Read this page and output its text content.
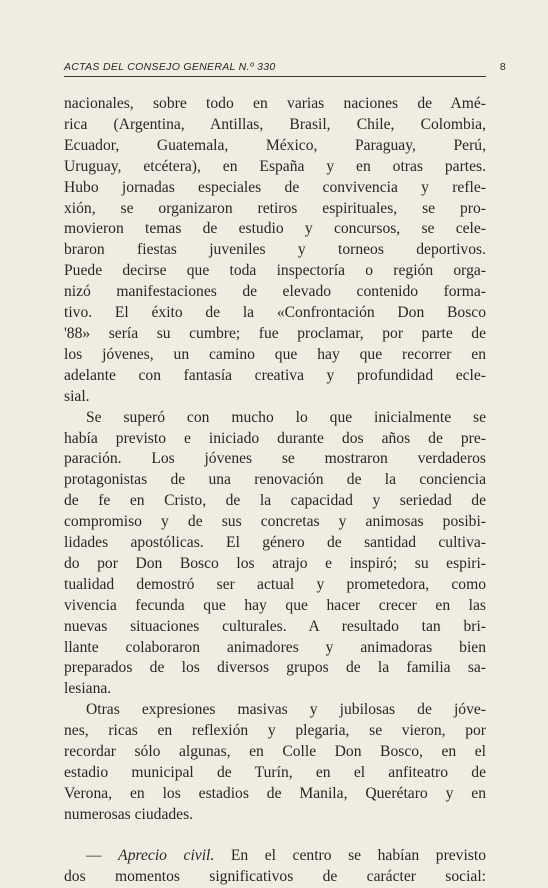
ACTAS DEL CONSEJO GENERAL N.º 330	8

nacionales, sobre todo en varias naciones de Amé-
rica (Argentina, Antillas, Brasil, Chile, Colombia,
Ecuador, Guatemala, México, Paraguay, Perú,
Uruguay, etcétera), en España y en otras partes.
Hubo jornadas especiales de convivencia y refle-
xión, se organizaron retiros espirituales, se pro-
movieron temas de estudio y concursos, se cele-
braron fiestas juveniles y torneos deportivos.
Puede decirse que toda inspectoría o región orga-
nizó manifestaciones de elevado contenido forma-
tivo. El éxito de la «Confrontación Don Bosco
'88» sería su cumbre; fue proclamar, por parte de
los jóvenes, un camino que hay que recorrer en
adelante con fantasía creativa y profundidad ecle-
sial.

Se superó con mucho lo que inicialmente se
había previsto e iniciado durante dos años de pre-
paración. Los jóvenes se mostraron verdaderos
protagonistas de una renovación de la conciencia
de fe en Cristo, de la capacidad y seriedad de
compromiso y de sus concretas y animosas posibi-
lidades apostólicas. El género de santidad cultiva-
do por Don Bosco los atrajo e inspiró; su espiri-
tualidad demostró ser actual y prometedora, como
vivencia fecunda que hay que hacer crecer en las
nuevas situaciones culturales. A resultado tan bri-
llante colaboraron animadores y animadoras bien
preparados de los diversos grupos de la familia sa-
lesiana.

Otras expresiones masivas y jubilosas de jóve-
nes, ricas en reflexión y plegaria, se vieron, por
recordar sólo algunas, en Colle Don Bosco, en el
estadio municipal de Turín, en el anfiteatro de
Verona, en los estadios de Manila, Querétaro y en
numerosas ciudades.

— Aprecio civil. En el centro se habían previsto
dos momentos significativos de carácter social:
